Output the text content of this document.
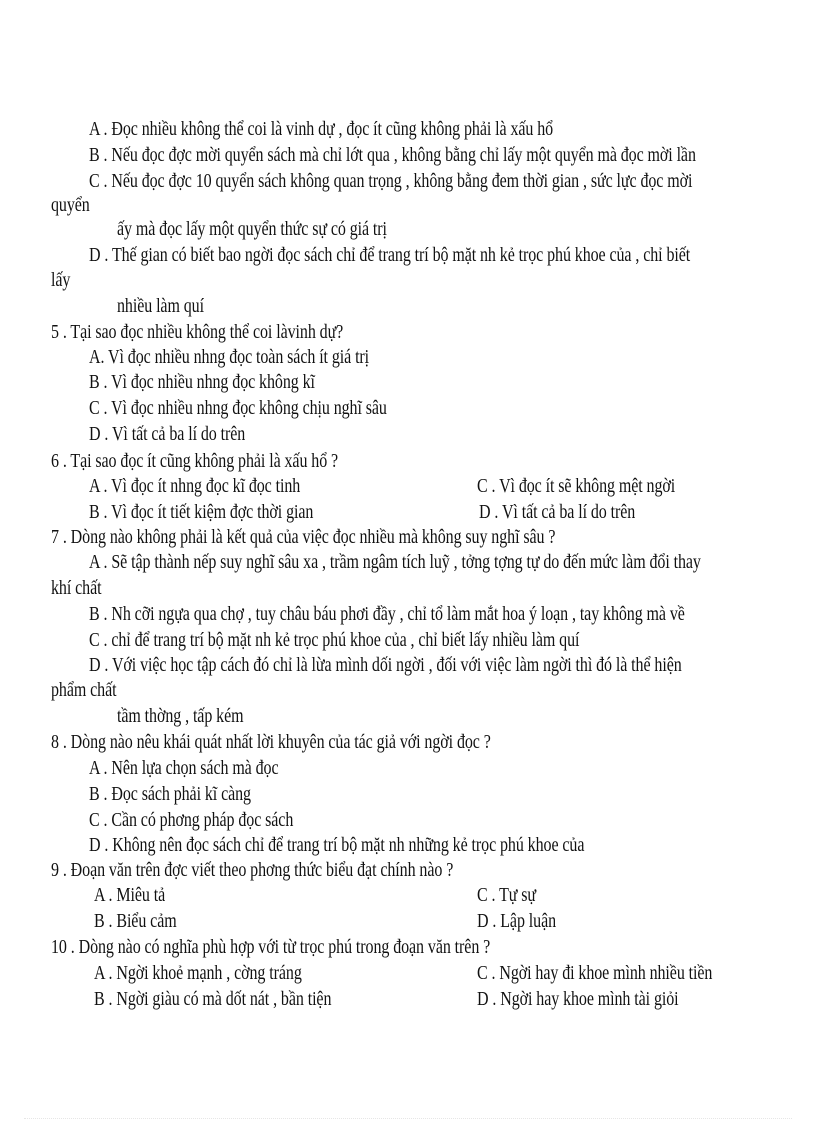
A . Đọc nhiều không thể coi là vinh dự , đọc ít cũng không phải là xấu hổ
B . Nếu đọc đợc mời quyển sách mà chỉ lớt qua , không bằng chỉ lấy một quyển mà đọc mời lần
C . Nếu đọc đợc 10 quyển sách không quan trọng , không bằng đem thời gian , sức lực đọc mời
quyển
ấy mà đọc lấy một quyển thức sự có giá trị
D . Thế gian có biết bao ngời đọc sách chỉ để trang trí bộ mặt nh kẻ trọc phú khoe của , chỉ biết
lấy
nhiều làm quí
5 . Tại sao đọc nhiều không thể coi làvinh dự?
A. Vì đọc nhiều nhng đọc toàn sách ít giá trị
B . Vì đọc nhiều nhng đọc không kĩ
C . Vì đọc nhiều nhng đọc không chịu nghĩ sâu
D . Vì tất cả ba lí do trên
6 . Tại sao đọc ít cũng không phải là xấu hổ ?
A . Vì đọc ít nhng đọc kĩ đọc tinh	C . Vì đọc ít sẽ không mệt ngời
B . Vì đọc ít tiết kiệm đợc thời gian	D . Vì tất cả ba lí do trên
7 . Dòng nào không phải là kết quả của việc đọc nhiều mà không suy nghĩ sâu ?
A . Sẽ tập thành nếp suy nghĩ sâu xa , trầm ngâm tích luỹ , tởng tợng tự do đến mức làm đổi thay
khí chất
B . Nh cỡi ngựa qua chợ , tuy châu báu phơi đầy , chỉ tổ làm mắt hoa ý loạn , tay không mà về
C . chỉ để trang trí bộ mặt nh kẻ trọc phú khoe của , chỉ biết lấy nhiều làm quí
D . Với việc học tập cách đó chỉ là lừa mình dối ngời , đối với việc làm ngời thì đó là thể hiện
phẩm chất
tầm thờng , tấp kém
8 . Dòng nào nêu khái quát nhất lời khuyên của tác giả với ngời đọc ?
A . Nên lựa chọn sách mà đọc
B . Đọc sách phải kĩ càng
C . Cần có phơng pháp đọc sách
D . Không nên đọc sách chỉ để trang trí bộ mặt nh những kẻ trọc phú khoe của
9 . Đoạn văn trên đợc viết theo phơng thức biểu đạt chính nào ?
A . Miêu tả	C . Tự sự
B . Biểu cảm	D . Lập luận
10 . Dòng nào có nghĩa phù hợp với từ trọc phú trong đoạn văn trên ?
A . Ngời khoẻ mạnh , cờng tráng	C . Ngời hay đi khoe mình nhiều tiền
B . Ngời giàu có mà dốt nát , bần tiện	D . Ngời hay khoe mình tài giỏi
